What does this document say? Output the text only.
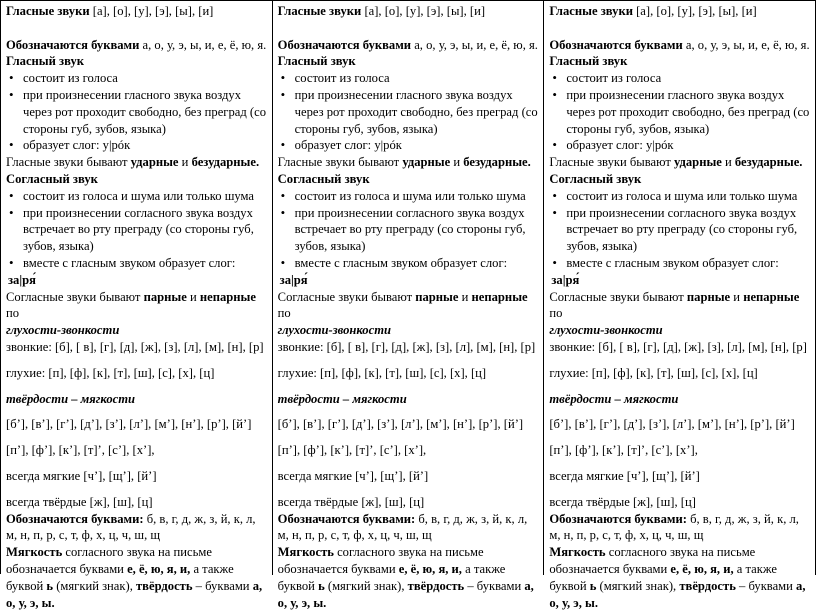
Гласные звуки [а], [о], [у], [э], [ы], [и]

Обозначаются буквами а, о, у, э, ы, и, е, ё, ю, я.

Гласный звук

• состоит из голоса
• при произнесении гласного звука воздух через рот проходит свободно, без преград (со стороны губ, зубов, языка)
• образует слог: у|рóк

Гласные звуки бывают ударные и безударные.

Согласный звук

• состоит из голоса и шума или только шума
• при произнесении согласного звука воздух встречает во рту преграду (со стороны губ, зубов, языка)
• вместе с гласным звуком образует слог:

за|ря́

Согласные звуки бывают парные и непарные по

глухости-звонкости

звонкие: [б], [ в], [г], [д], [ж], [з], [л], [м], [н], [р]

глухие: [п], [ф], [к], [т], [ш], [с], [х], [ц]

твёрдости – мягкости

[б’], [в’], [г’], [д’], [з’], [л’], [м’], [н’], [р’], [й’]

[п’], [ф’], [к’], [т]’, [с’], [х’],

всегда мягкие [ч’], [щ’], [й’]

всегда твёрдые [ж], [ш], [ц]

Обозначаются буквами: б, в, г, д, ж, з, й, к, л, м, н, п, р, с, т, ф, х, ц, ч, ш, щ

Мягкость согласного звука на письме обозначается буквами е, ё, ю, я, и, а также буквой ь (мягкий знак), твёрдость – буквами а, о, у, э, ы.

Гласные звуки [а], [о], [у], [э], [ы], [и]

Обозначаются буквами а, о, у, э, ы, и, е, ё, ю, я.

Гласный звук

• состоит из голоса
• при произнесении гласного звука воздух через рот проходит свободно, без преград (со стороны губ, зубов, языка)
• образует слог: у|рóк

Гласные звуки бывают ударные и безударные.

Согласный звук

• состоит из голоса и шума или только шума
• при произнесении согласного звука воздух встречает во рту преграду (со стороны губ, зубов, языка)
• вместе с гласным звуком образует слог:

за|ря́

Согласные звуки бывают парные и непарные по

глухости-звонкости

звонкие: [б], [ в], [г], [д], [ж], [з], [л], [м], [н], [р]

глухие: [п], [ф], [к], [т], [ш], [с], [х], [ц]

твёрдости – мягкости

[б’], [в’], [г’], [д’], [з’], [л’], [м’], [н’], [р’], [й’]

[п’], [ф’], [к’], [т]’, [с’], [х’],

всегда мягкие [ч’], [щ’], [й’]

всегда твёрдые [ж], [ш], [ц]

Обозначаются буквами: б, в, г, д, ж, з, й, к, л, м, н, п, р, с, т, ф, х, ц, ч, ш, щ

Мягкость согласного звука на письме обозначается буквами е, ё, ю, я, и, а также буквой ь (мягкий знак), твёрдость – буквами а, о, у, э, ы.

Гласные звуки [а], [о], [у], [э], [ы], [и]

Обозначаются буквами а, о, у, э, ы, и, е, ё, ю, я.

Гласный звук

• состоит из голоса
• при произнесении гласного звука воздух через рот проходит свободно, без преград (со стороны губ, зубов, языка)
• образует слог: у|рóк

Гласные звуки бывают ударные и безударные.

Согласный звук

• состоит из голоса и шума или только шума
• при произнесении согласного звука воздух встречает во рту преграду (со стороны губ, зубов, языка)
• вместе с гласным звуком образует слог:

за|ря́

Согласные звуки бывают парные и непарные по

глухости-звонкости

звонкие: [б], [ в], [г], [д], [ж], [з], [л], [м], [н], [р]

глухие: [п], [ф], [к], [т], [ш], [с], [х], [ц]

твёрдости – мягкости

[б’], [в’], [г’], [д’], [з’], [л’], [м’], [н’], [р’], [й’]

[п’], [ф’], [к’], [т]’, [с’], [х’],

всегда мягкие [ч’], [щ’], [й’]

всегда твёрдые [ж], [ш], [ц]

Обозначаются буквами: б, в, г, д, ж, з, й, к, л, м, н, п, р, с, т, ф, х, ц, ч, ш, щ

Мягкость согласного звука на письме обозначается буквами е, ё, ю, я, и, а также буквой ь (мягкий знак), твёрдость – буквами а, о, у, э, ы.
